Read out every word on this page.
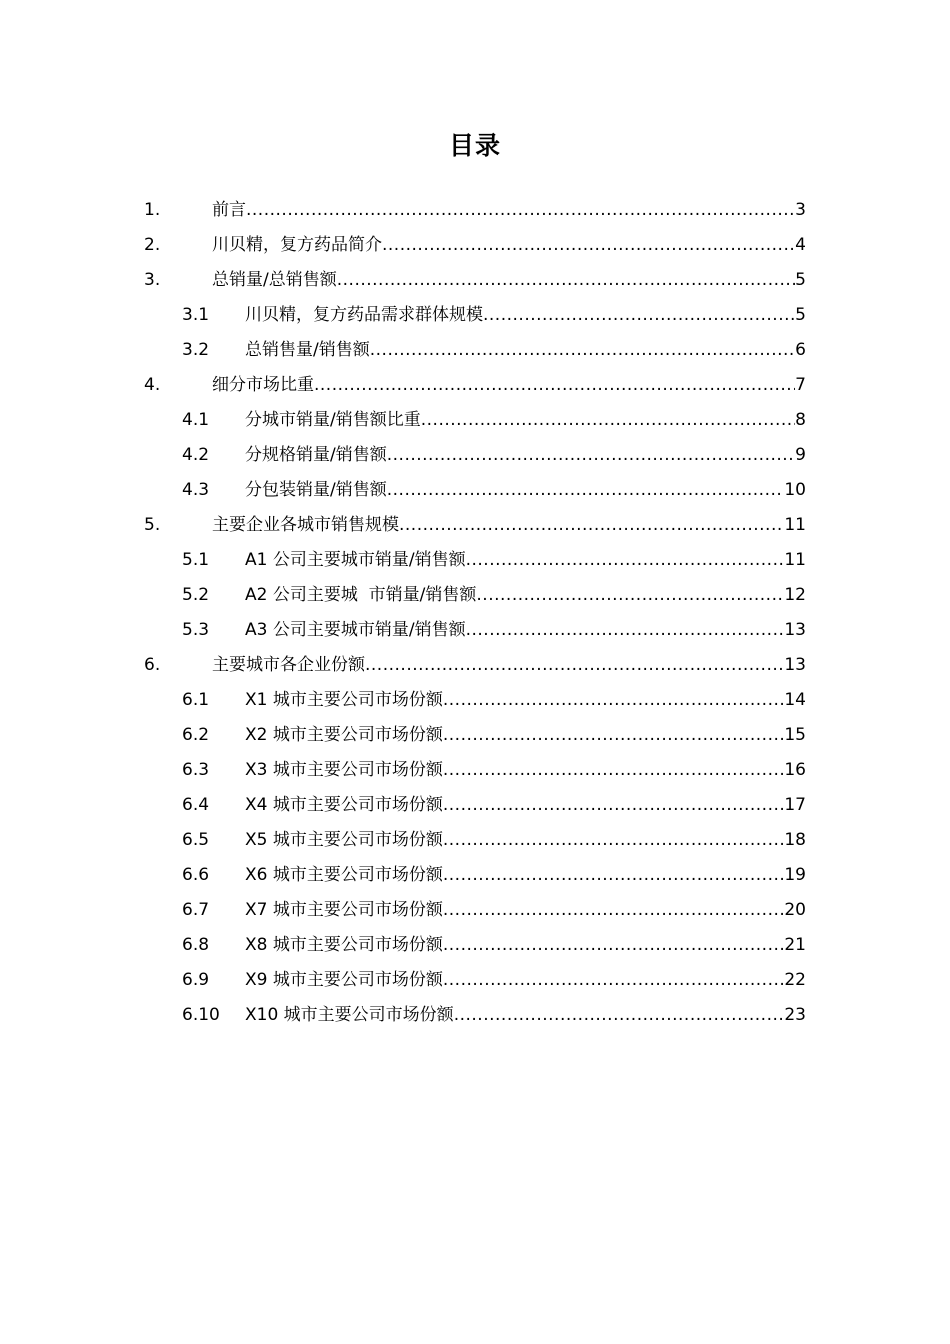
目录
1.	前言 .....	3
2.	川贝精，复方药品简介 .....	4
3.	总销量/总销售额 .....	5
3.1 川贝精，复方药品需求群体规模 .....	5
3.2 总销售量/销售额 .....	6
4.	细分市场比重 .....	7
4.1 分城市销量/销售额比重 .....	8
4.2 分规格销量/销售额 .....	9
4.3 分包装销量/销售额 .....	10
5.	主要企业各城市销售规模 .....	11
5.1 A1 公司主要城市销量/销售额 .....	11
5.2 A2 公司主要城  市销量/销售额 .....	12
5.3 A3 公司主要城市销量/销售额 .....	13
6.	主要城市各企业份额 .....	13
6.1 X1 城市主要公司市场份额 .....	14
6.2 X2 城市主要公司市场份额 .....	15
6.3 X3 城市主要公司市场份额 .....	16
6.4 X4 城市主要公司市场份额 .....	17
6.5 X5 城市主要公司市场份额 .....	18
6.6 X6 城市主要公司市场份额 .....	19
6.7 X7 城市主要公司市场份额 .....	20
6.8 X8 城市主要公司市场份额 .....	21
6.9 X9 城市主要公司市场份额 .....	22
6.10 X10 城市主要公司市场份额 .....	23
